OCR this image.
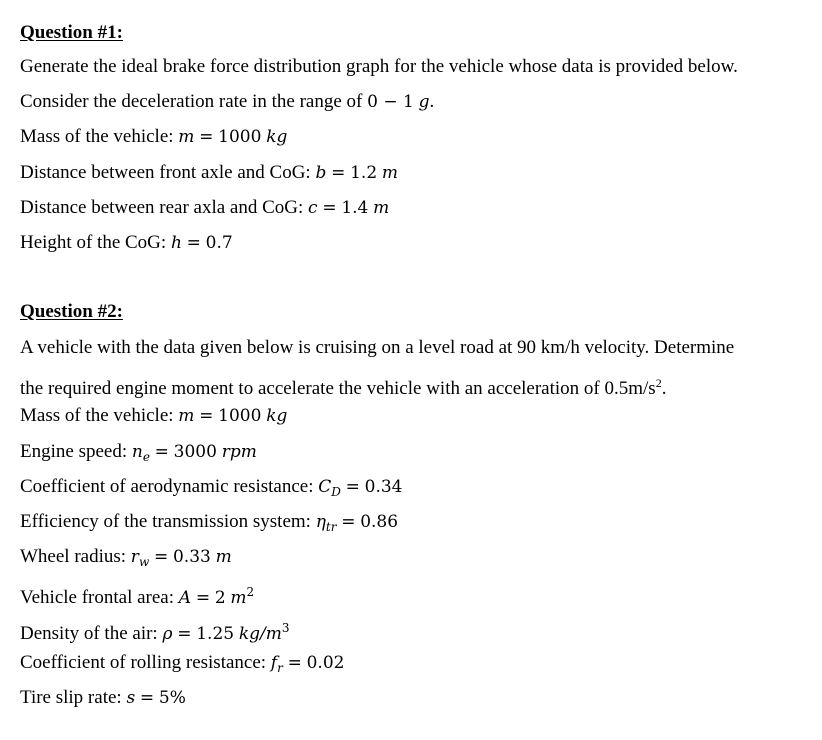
Question #1:
Generate the ideal brake force distribution graph for the vehicle whose data is provided below.
Consider the deceleration rate in the range of 0 − 1 g.
Mass of the vehicle: m = 1000 kg
Distance between front axle and CoG: b = 1.2 m
Distance between rear axla and CoG: c = 1.4 m
Height of the CoG: h = 0.7
Question #2:
A vehicle with the data given below is cruising on a level road at 90 km/h velocity. Determine
the required engine moment to accelerate the vehicle with an acceleration of $0.5m/s^2$.
Mass of the vehicle: m = 1000 kg
Engine speed: $n_e = 3000$ rpm
Coefficient of aerodynamic resistance: $C_D = 0.34$
Efficiency of the transmission system: $\eta_{tr} = 0.86$
Wheel radius: $r_w = 0.33$ m
Vehicle frontal area: A = 2 $m^2$
Density of the air: ρ = 1.25 $kg/m^3$
Coefficient of rolling resistance: $f_r = 0.02$
Tire slip rate: s = 5%
